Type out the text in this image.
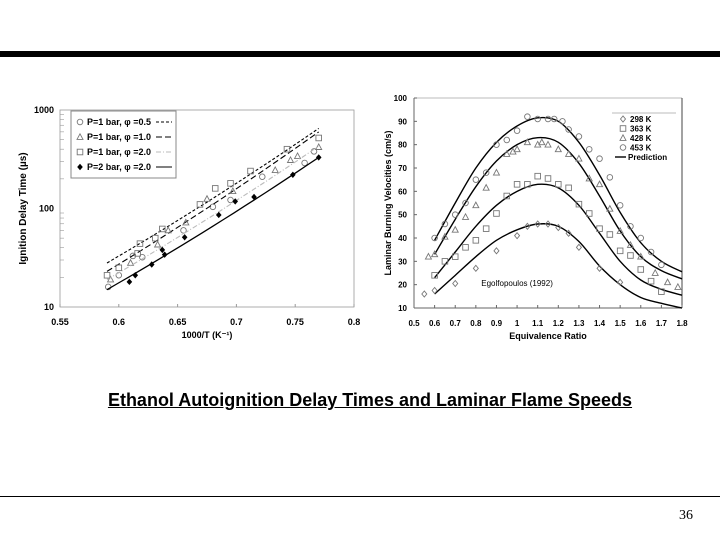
10
100
1000
0.55	0.6	0.65	0.7	0.75	0.8
1000/T (K⁻¹)
Ignition Delay Time (µs)
P=1 bar, φ =0.5
P=1 bar, φ =1.0
P=1 bar, φ =2.0
P=2 bar, φ =2.0
10
20
30
40
50
60
70
80
90
100
0.5 0.6 0.7 0.8 0.9 1 1.1 1.2 1.3 1.4 1.5 1.6 1.7 1.8
Equivalence Ratio
Laminar Burning Velocities (cm/s)
Egolfopoulos (1992)
298 K
363 K
428 K
453 K
Prediction
Ethanol Autoignition Delay Times and Laminar Flame Speeds
36
